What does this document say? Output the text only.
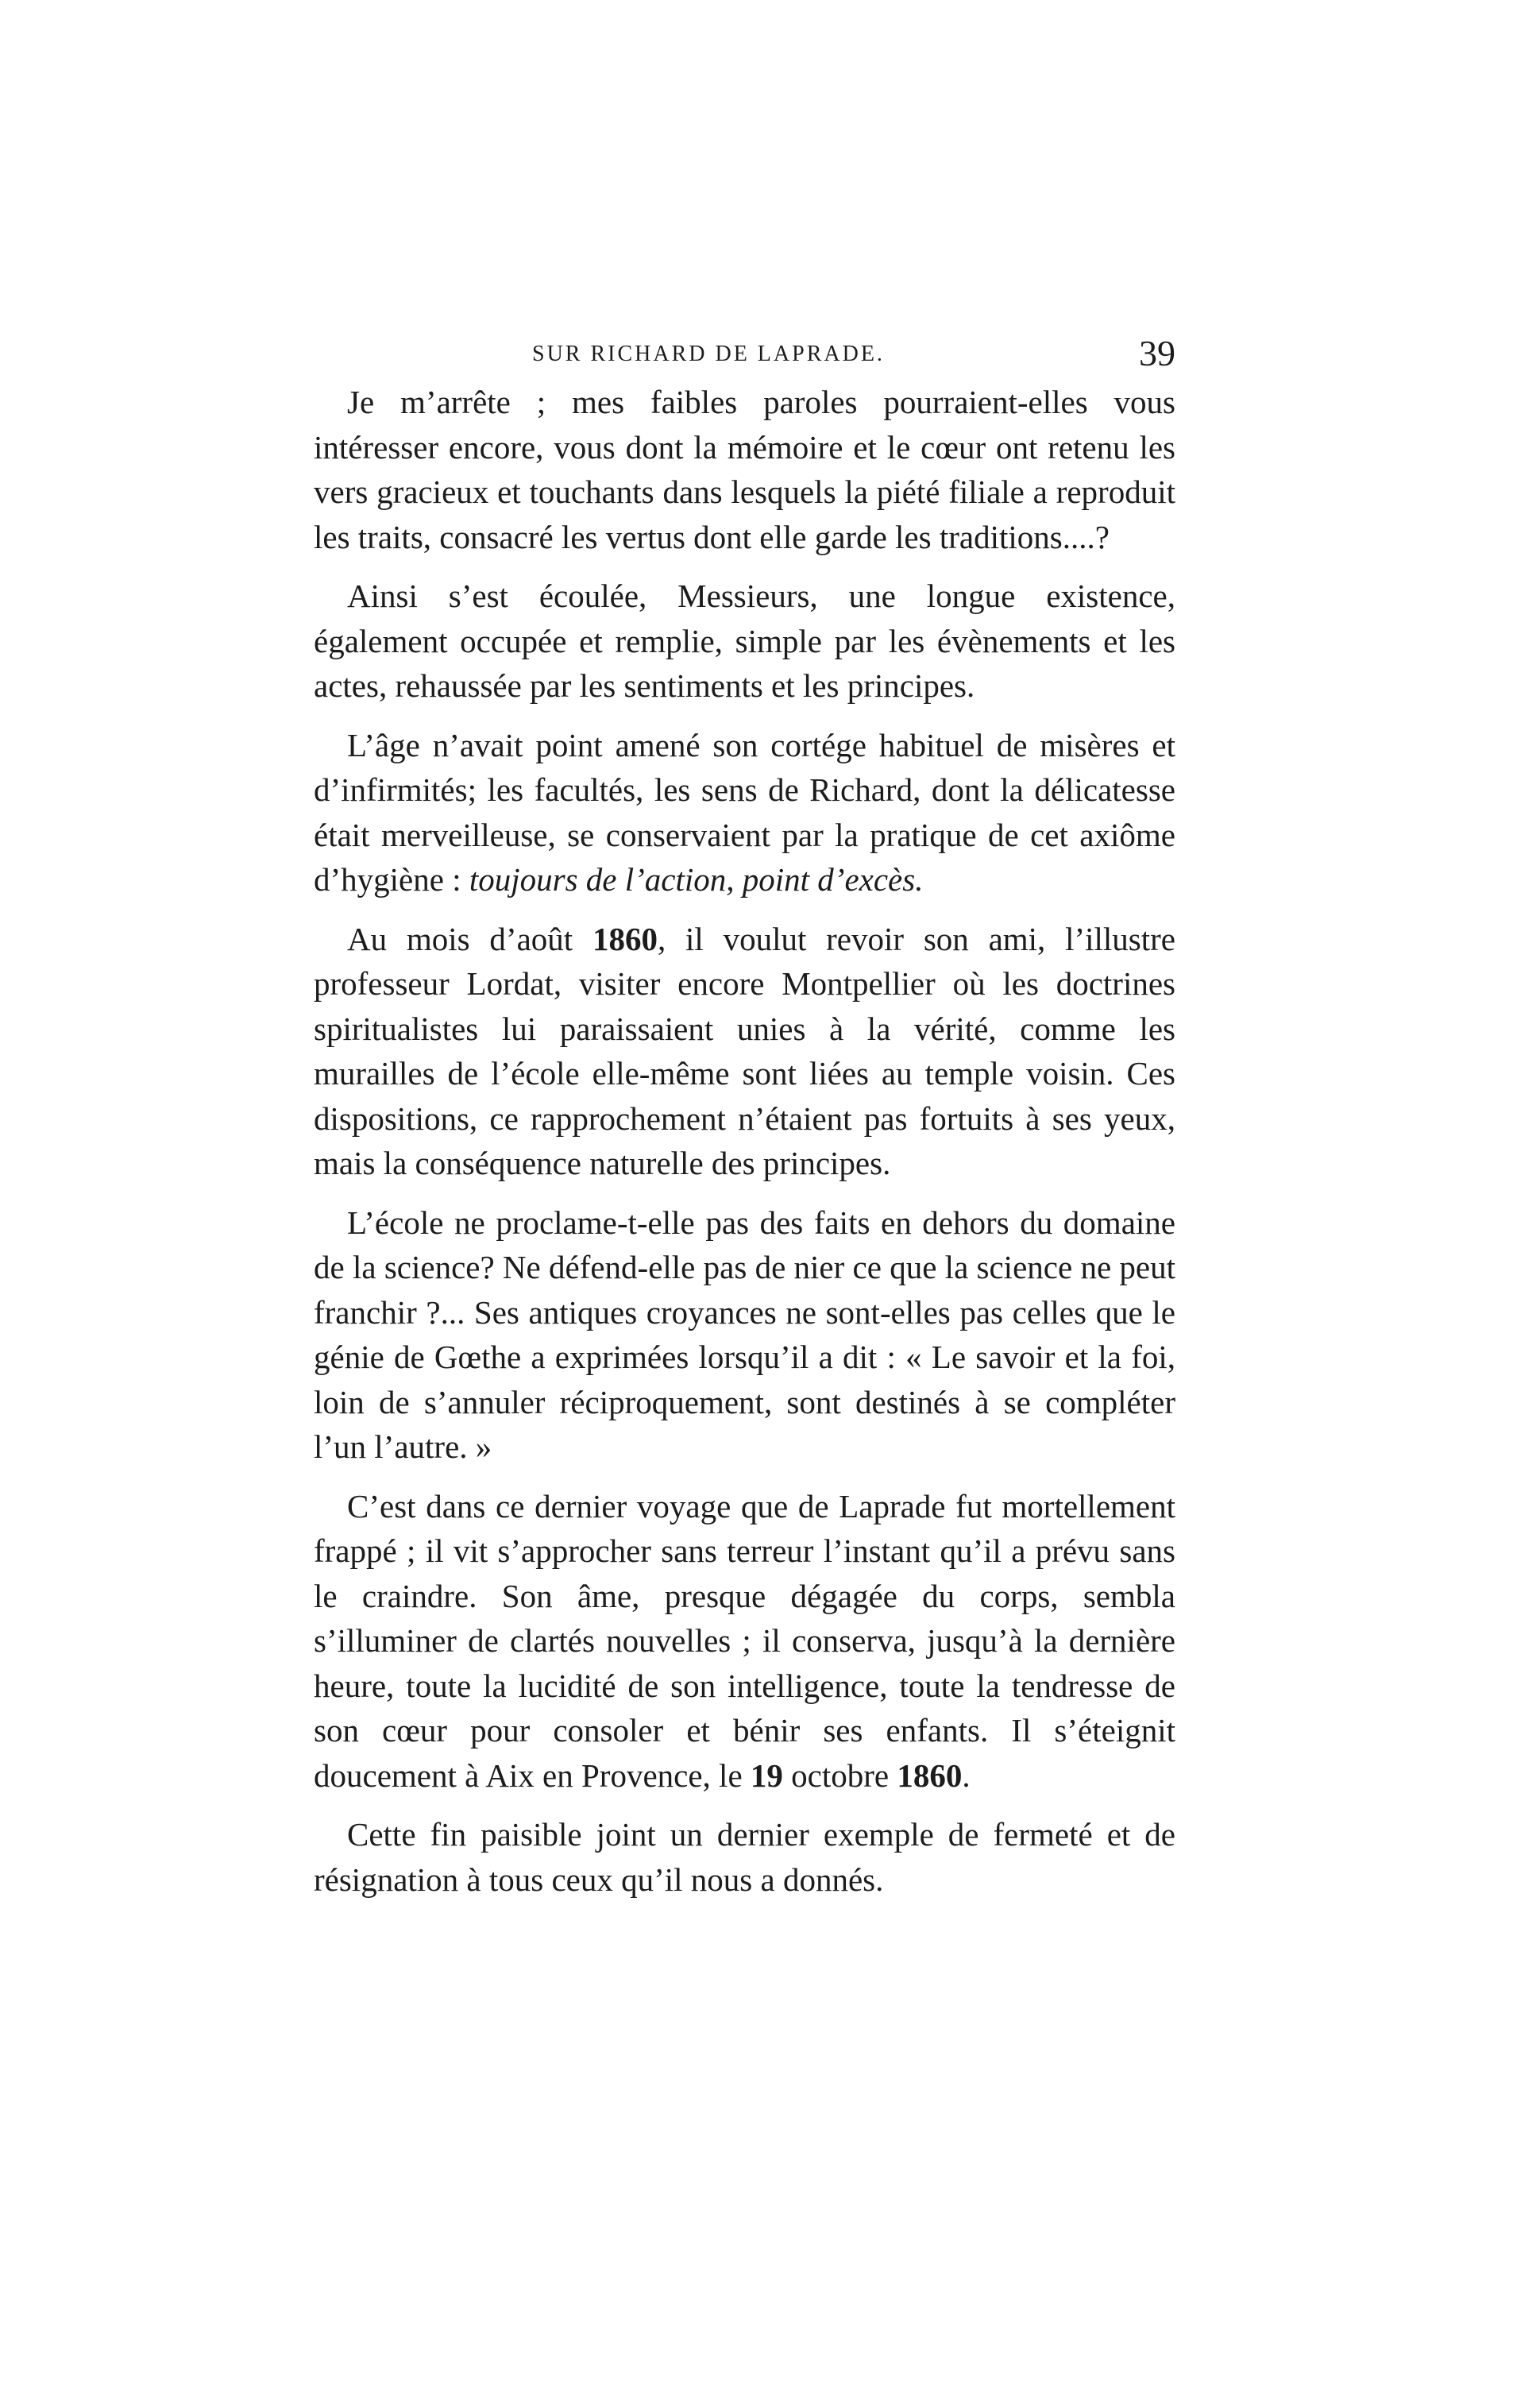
SUR RICHARD DE LAPRADE.	39

Je m’arrête ; mes faibles paroles pourraient-elles vous intéresser encore, vous dont la mémoire et le cœur ont retenu les vers gracieux et touchants dans lesquels la piété filiale a reproduit les traits, consacré les vertus dont elle garde les traditions....?

Ainsi s’est écoulée, Messieurs, une longue existence, également occupée et remplie, simple par les évènements et les actes, rehaussée par les sentiments et les principes.

L’âge n’avait point amené son cortége habituel de misères et d’infirmités; les facultés, les sens de Richard, dont la délicatesse était merveilleuse, se conservaient par la pratique de cet axiôme d’hygiène : toujours de l’action, point d’excès.

Au mois d’août 1860, il voulut revoir son ami, l’illustre professeur Lordat, visiter encore Montpellier où les doctrines spiritualistes lui paraissaient unies à la vérité, comme les murailles de l’école elle-même sont liées au temple voisin. Ces dispositions, ce rapprochement n’étaient pas fortuits à ses yeux, mais la conséquence naturelle des principes.

L’école ne proclame-t-elle pas des faits en dehors du domaine de la science? Ne défend-elle pas de nier ce que la science ne peut franchir ?... Ses antiques croyances ne sont-elles pas celles que le génie de Gœthe a exprimées lorsqu’il a dit : « Le savoir et la foi, loin de s’annuler réciproquement, sont destinés à se compléter l’un l’autre. »

C’est dans ce dernier voyage que de Laprade fut mortellement frappé ; il vit s’approcher sans terreur l’instant qu’il a prévu sans le craindre. Son âme, presque dégagée du corps, sembla s’illuminer de clartés nouvelles ; il conserva, jusqu’à la dernière heure, toute la lucidité de son intelligence, toute la tendresse de son cœur pour consoler et bénir ses enfants. Il s’éteignit doucement à Aix en Provence, le 19 octobre 1860.

Cette fin paisible joint un dernier exemple de fermeté et de résignation à tous ceux qu’il nous a donnés.
